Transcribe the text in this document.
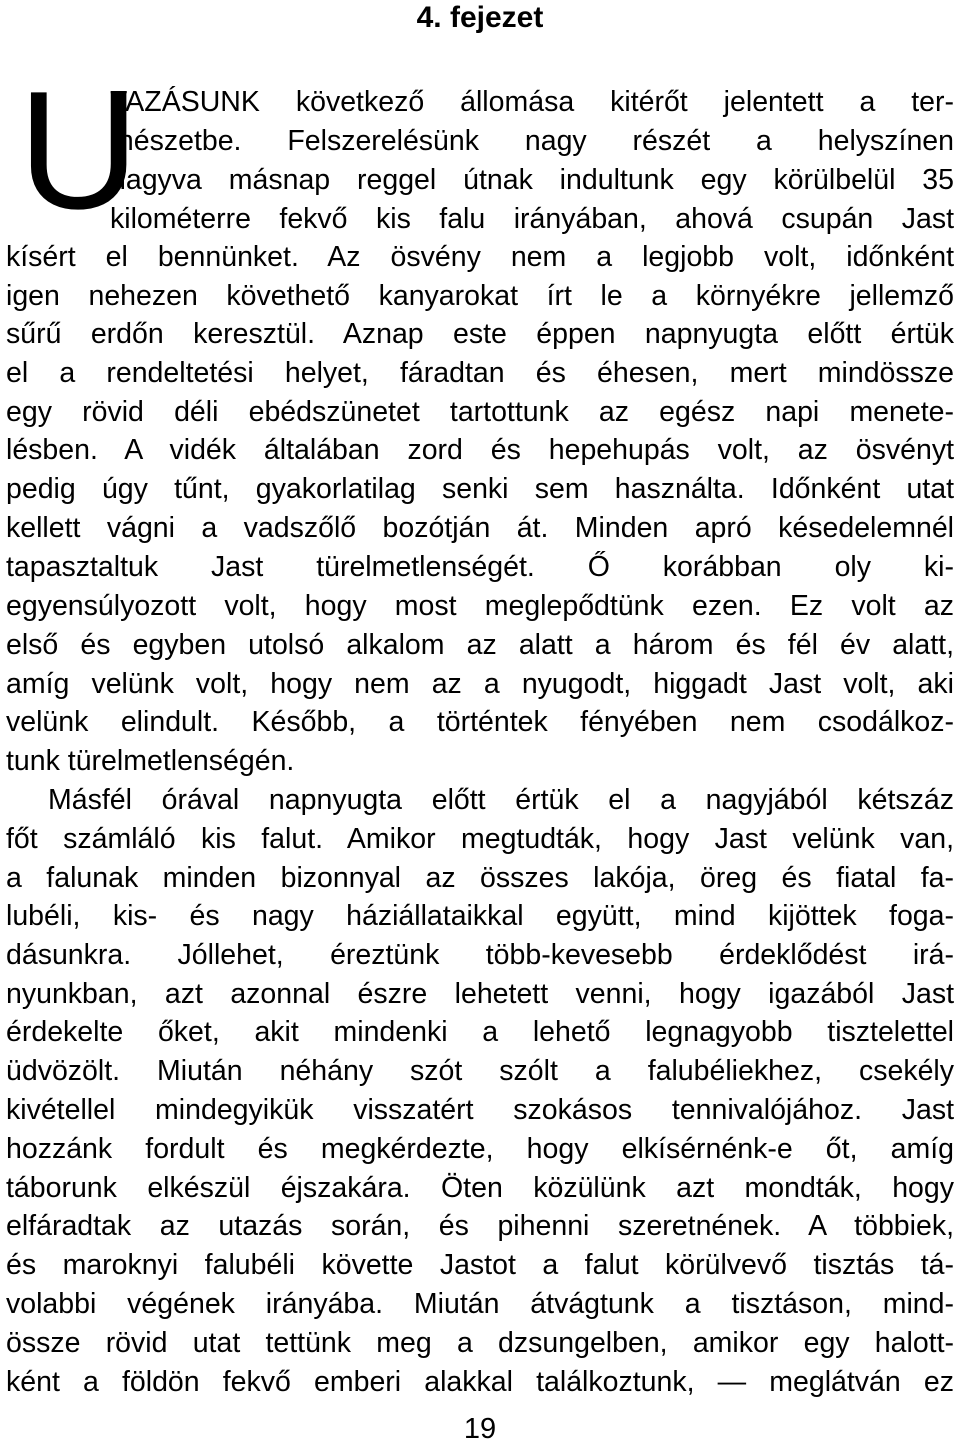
4. fejezet
U
TAZÁSUNK következő állomása kitérőt jelentett a ter-
mészetbe. Felszerelésünk nagy részét a helyszínen
hagyva másnap reggel útnak indultunk egy körülbelül 35
kilométerre fekvő kis falu irányában, ahová csupán Jast
kísért el bennünket. Az ösvény nem a legjobb volt, időnként
igen nehezen követhető kanyarokat írt le a környékre jellemző
sűrű erdőn keresztül. Aznap este éppen napnyugta előtt értük
el a rendeltetési helyet, fáradtan és éhesen, mert mindössze
egy rövid déli ebédszünetet tartottunk az egész napi menete-
lésben. A vidék általában zord és hepehupás volt, az ösvényt
pedig úgy tűnt, gyakorlatilag senki sem használta. Időnként utat
kellett vágni a vadszőlő bozótján át. Minden apró késedelemnél
tapasztaltuk Jast türelmetlenségét. Ő korábban oly ki-
egyensúlyozott volt, hogy most meglepődtünk ezen. Ez volt az
első és egyben utolsó alkalom az alatt a három és fél év alatt,
amíg velünk volt, hogy nem az a nyugodt, higgadt Jast volt, aki
velünk elindult. Később, a történtek fényében nem csodálkoz-
tunk türelmetlenségén.
Másfél órával napnyugta előtt értük el a nagyjából kétszáz
főt számláló kis falut. Amikor megtudták, hogy Jast velünk van,
a falunak minden bizonnyal az összes lakója, öreg és fiatal fa-
lubéli, kis- és nagy háziállataikkal együtt, mind kijöttek foga-
dásunkra. Jóllehet, éreztünk több-kevesebb érdeklődést irá-
nyunkban, azt azonnal észre lehetett venni, hogy igazából Jast
érdekelte őket, akit mindenki a lehető legnagyobb tisztelettel
üdvözölt. Miután néhány szót szólt a falubéliekhez, csekély
kivétellel mindegyikük visszatért szokásos tennivalójához. Jast
hozzánk fordult és megkérdezte, hogy elkísérnénk-e őt, amíg
táborunk elkészül éjszakára. Öten közülünk azt mondták, hogy
elfáradtak az utazás során, és pihenni szeretnének. A többiek,
és maroknyi falubéli követte Jastot a falut körülvevő tisztás tá-
volabbi végének irányába. Miután átvágtunk a tisztáson, mind-
össze rövid utat tettünk meg a dzsungelben, amikor egy halott-
ként a földön fekvő emberi alakkal találkoztunk, — meglátván ez
19
